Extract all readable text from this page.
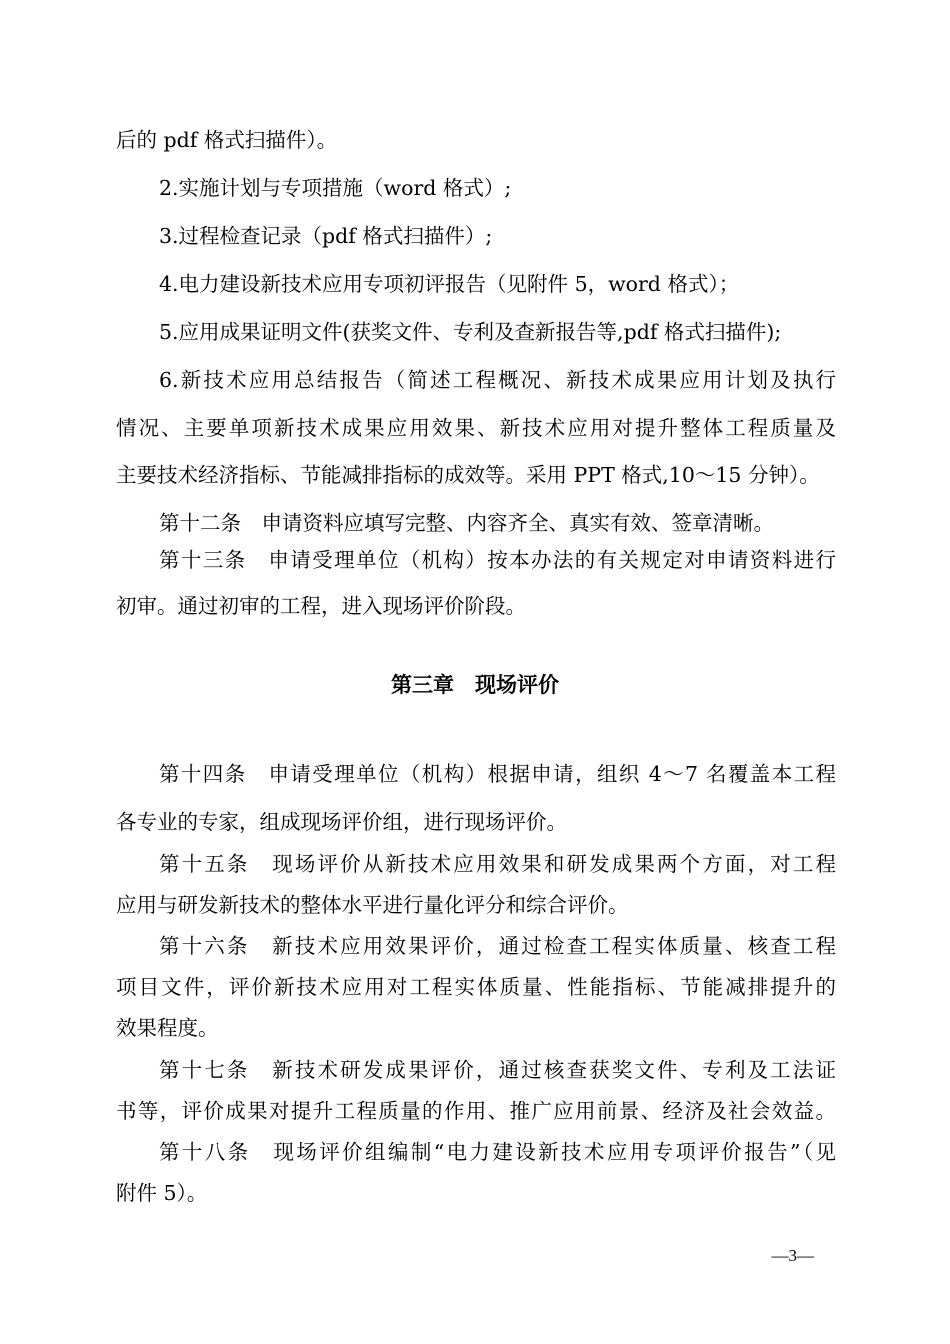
后的 pdf 格式扫描件）。
2.实施计划与专项措施（word 格式）;
3.过程检查记录（pdf 格式扫描件）;
4.电力建设新技术应用专项初评报告（见附件 5，word 格式）；
5.应用成果证明文件(获奖文件、专利及查新报告等,pdf 格式扫描件);
6.新技术应用总结报告（简述工程概况、新技术成果应用计划及执行
情况、主要单项新技术成果应用效果、新技术应用对提升整体工程质量及
主要技术经济指标、节能减排指标的成效等。采用 PPT 格式,10～15 分钟）。
第十二条　申请资料应填写完整、内容齐全、真实有效、签章清晰。
第十三条　申请受理单位（机构）按本办法的有关规定对申请资料进行
初审。通过初审的工程，进入现场评价阶段。
第三章　现场评价
第十四条　申请受理单位（机构）根据申请，组织 4～7 名覆盖本工程
各专业的专家，组成现场评价组，进行现场评价。
第十五条　现场评价从新技术应用效果和研发成果两个方面，对工程
应用与研发新技术的整体水平进行量化评分和综合评价。
第十六条　新技术应用效果评价，通过检查工程实体质量、核查工程
项目文件，评价新技术应用对工程实体质量、性能指标、节能减排提升的
效果程度。
第十七条　新技术研发成果评价，通过核查获奖文件、专利及工法证
书等，评价成果对提升工程质量的作用、推广应用前景、经济及社会效益。
第十八条　现场评价组编制“电力建设新技术应用专项评价报告”（见
附件 5）。
—3—
